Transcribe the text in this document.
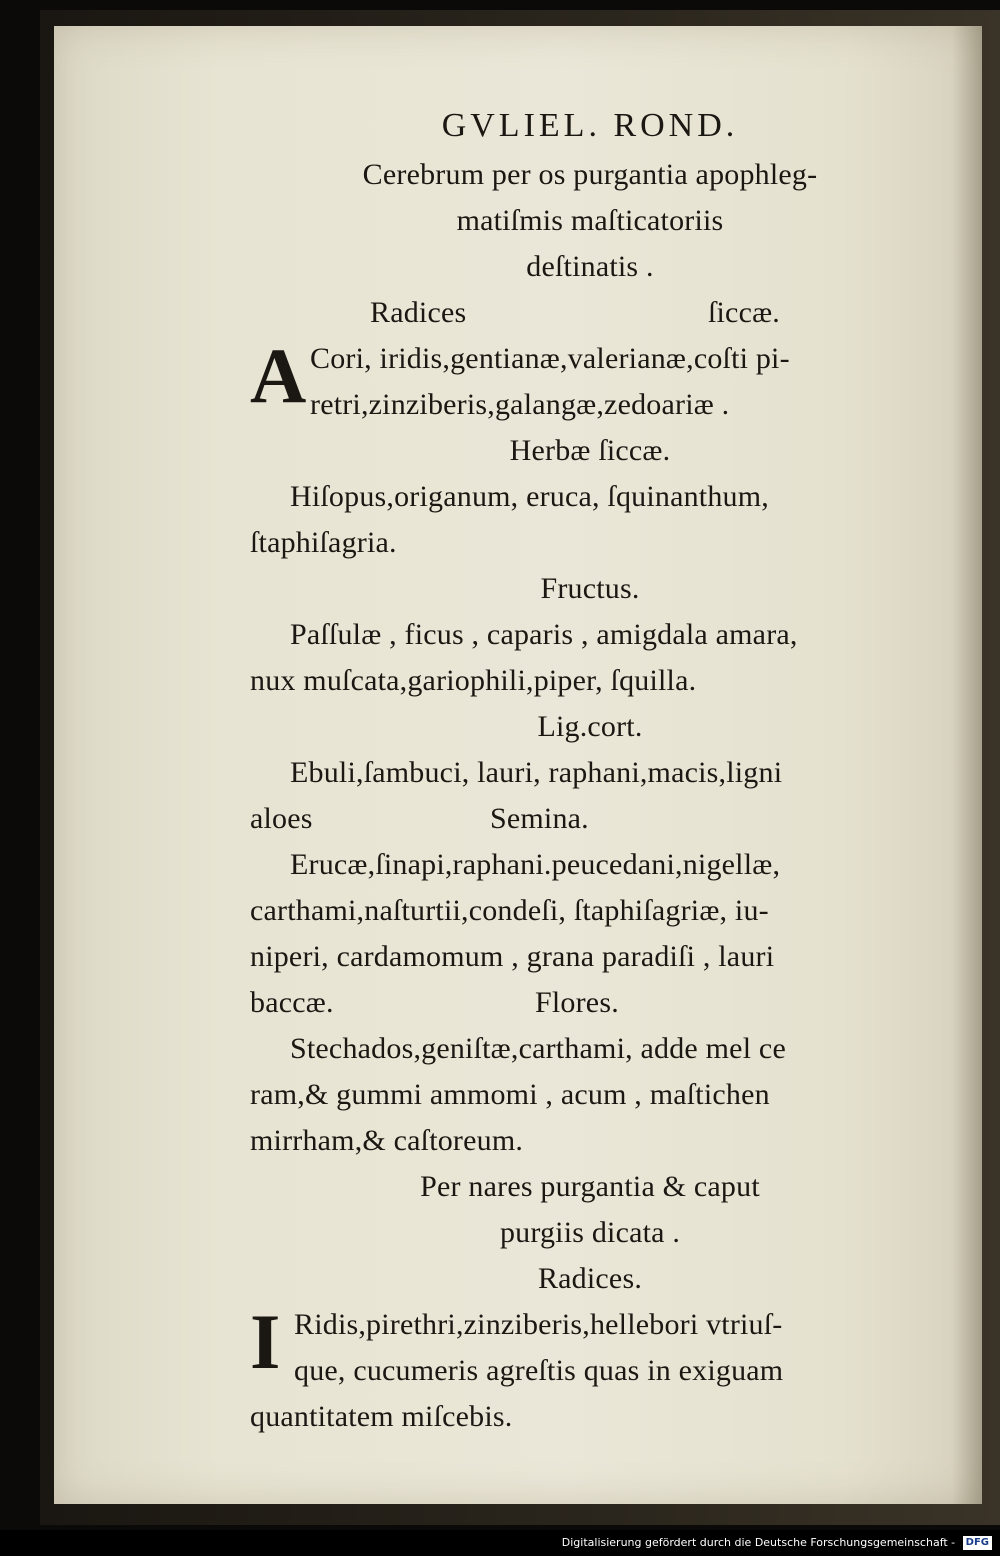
GVLIEL. ROND.
Cerebrum per os purgantia apophleg-
matiſmis maſticatoriis
deſtinatis .
Radices	ſiccæ.
A Cori, iridis,gentianæ,valerianæ,coſti pi-
retri,zinziberis,galangæ,zedoariæ .
Herbæ ſiccæ.
Hiſopus,origanum, eruca, ſquinanthum,
ſtaphiſagria.
Fructus.
Paſſulæ , ficus , caparis , amigdala amara,
nux muſcata,gariophili,piper, ſquilla.
Lig.cort.
Ebuli,ſambuci, lauri, raphani,macis,ligni
aloes	Semina.
Erucæ,ſinapi,raphani.peucedani,nigellæ,
carthami,naſturtii,condeſi, ſtaphiſagriæ, iu-
niperi, cardamomum , grana paradiſi , lauri
baccæ.	Flores.
Stechados,geniſtæ,carthami, adde mel ce
ram,& gummi ammomi , acum , maſtichen
mirrham,& caſtoreum.
Per nares purgantia & caput
purgiis dicata .
Radices.
I Ridis,pirethri,zinziberis,hellebori vtriuſ-
que, cucumeris agreſtis quas in exiguam
quantitatem miſcebis.
Digitalisierung gefördert durch die Deutsche Forschungsgemeinschaft - DFG
